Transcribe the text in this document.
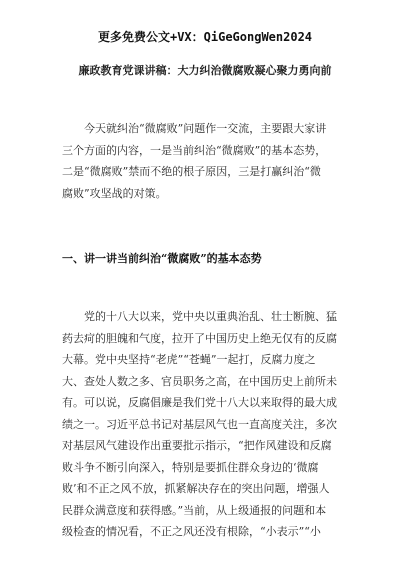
更多免费公文+VX：QiGeGongWen2024
廉政教育党课讲稿：大力纠治微腐败凝心聚力勇向前
　　今天就纠治“微腐败”问题作一交流，主要跟大家讲
三个方面的内容，一是当前纠治“微腐败”的基本态势，
二是“微腐败”禁而不绝的根子原因，三是打赢纠治“微
腐败”攻坚战的对策。
一、讲一讲当前纠治“微腐败”的基本态势
　　党的十八大以来，党中央以重典治乱、壮士断腕、猛
药去疴的胆魄和气度，拉开了中国历史上绝无仅有的反腐
大幕。党中央坚持“老虎”“苍蝇”一起打，反腐力度之
大、查处人数之多、官员职务之高，在中国历史上前所未
有。可以说，反腐倡廉是我们党十八大以来取得的最大成
绩之一。习近平总书记对基层风气也一直高度关注，多次
对基层风气建设作出重要批示指示，“把作风建设和反腐
败斗争不断引向深入，特别是要抓住群众身边的‘微腐
败’和不正之风不放，抓紧解决存在的突出问题，增强人
民群众满意度和获得感。”当前，从上级通报的问题和本
级检查的情况看，不正之风还没有根除，“小表示”“小
